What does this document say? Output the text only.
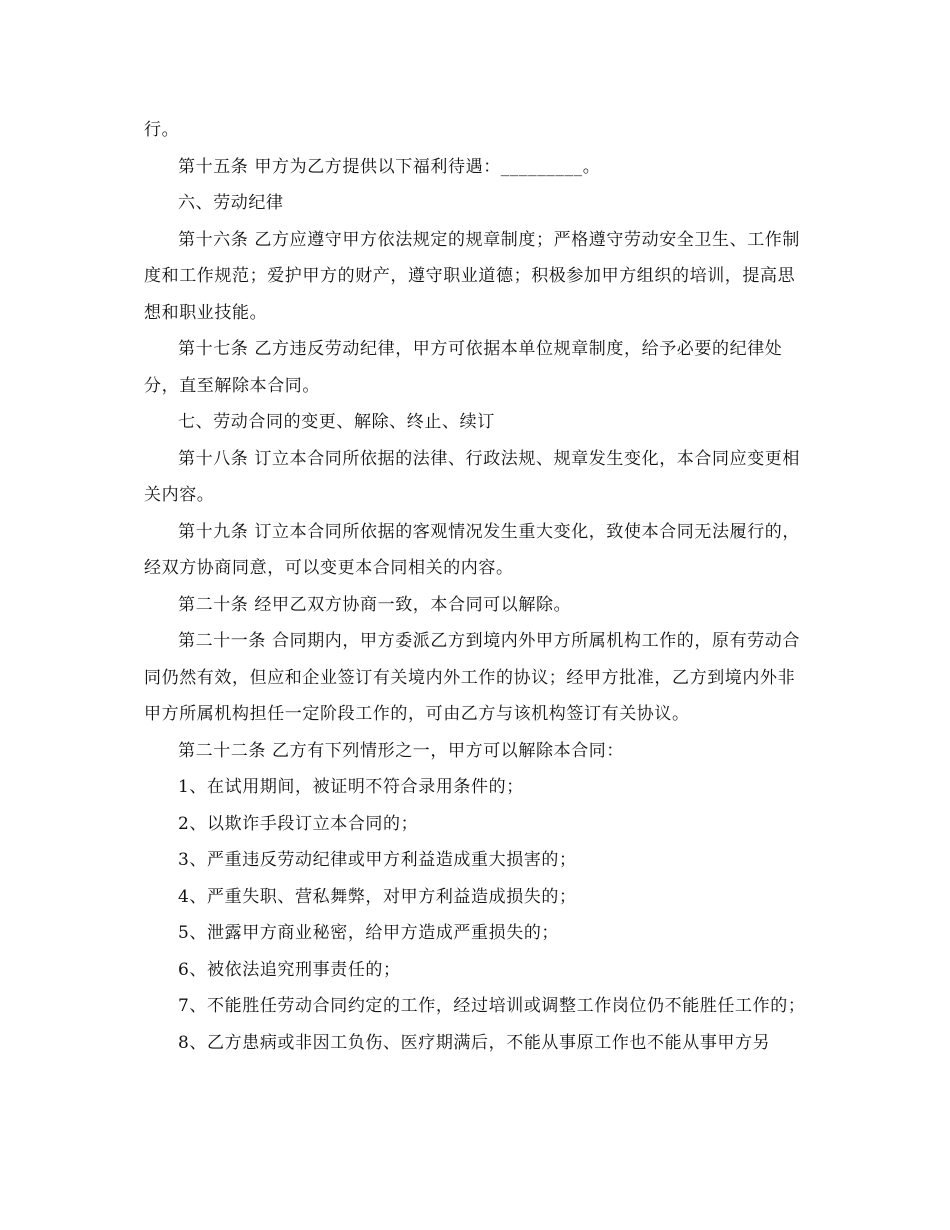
行。

第十五条 甲方为乙方提供以下福利待遇：_________。

六、劳动纪律

第十六条 乙方应遵守甲方依法规定的规章制度；严格遵守劳动安全卫生、工作制度和工作规范；爱护甲方的财产，遵守职业道德；积极参加甲方组织的培训，提高思想和职业技能。

第十七条 乙方违反劳动纪律，甲方可依据本单位规章制度，给予必要的纪律处分，直至解除本合同。

七、劳动合同的变更、解除、终止、续订

第十八条 订立本合同所依据的法律、行政法规、规章发生变化，本合同应变更相关内容。

第十九条 订立本合同所依据的客观情况发生重大变化，致使本合同无法履行的，经双方协商同意，可以变更本合同相关的内容。

第二十条 经甲乙双方协商一致，本合同可以解除。

第二十一条 合同期内，甲方委派乙方到境内外甲方所属机构工作的，原有劳动合同仍然有效，但应和企业签订有关境内外工作的协议；经甲方批准，乙方到境内外非甲方所属机构担任一定阶段工作的，可由乙方与该机构签订有关协议。

第二十二条 乙方有下列情形之一，甲方可以解除本合同：

1、在试用期间，被证明不符合录用条件的；

2、以欺诈手段订立本合同的；

3、严重违反劳动纪律或甲方利益造成重大损害的；

4、严重失职、营私舞弊，对甲方利益造成损失的；

5、泄露甲方商业秘密，给甲方造成严重损失的；

6、被依法追究刑事责任的；

7、不能胜任劳动合同约定的工作，经过培训或调整工作岗位仍不能胜任工作的；

8、乙方患病或非因工负伤、医疗期满后，不能从事原工作也不能从事甲方另
